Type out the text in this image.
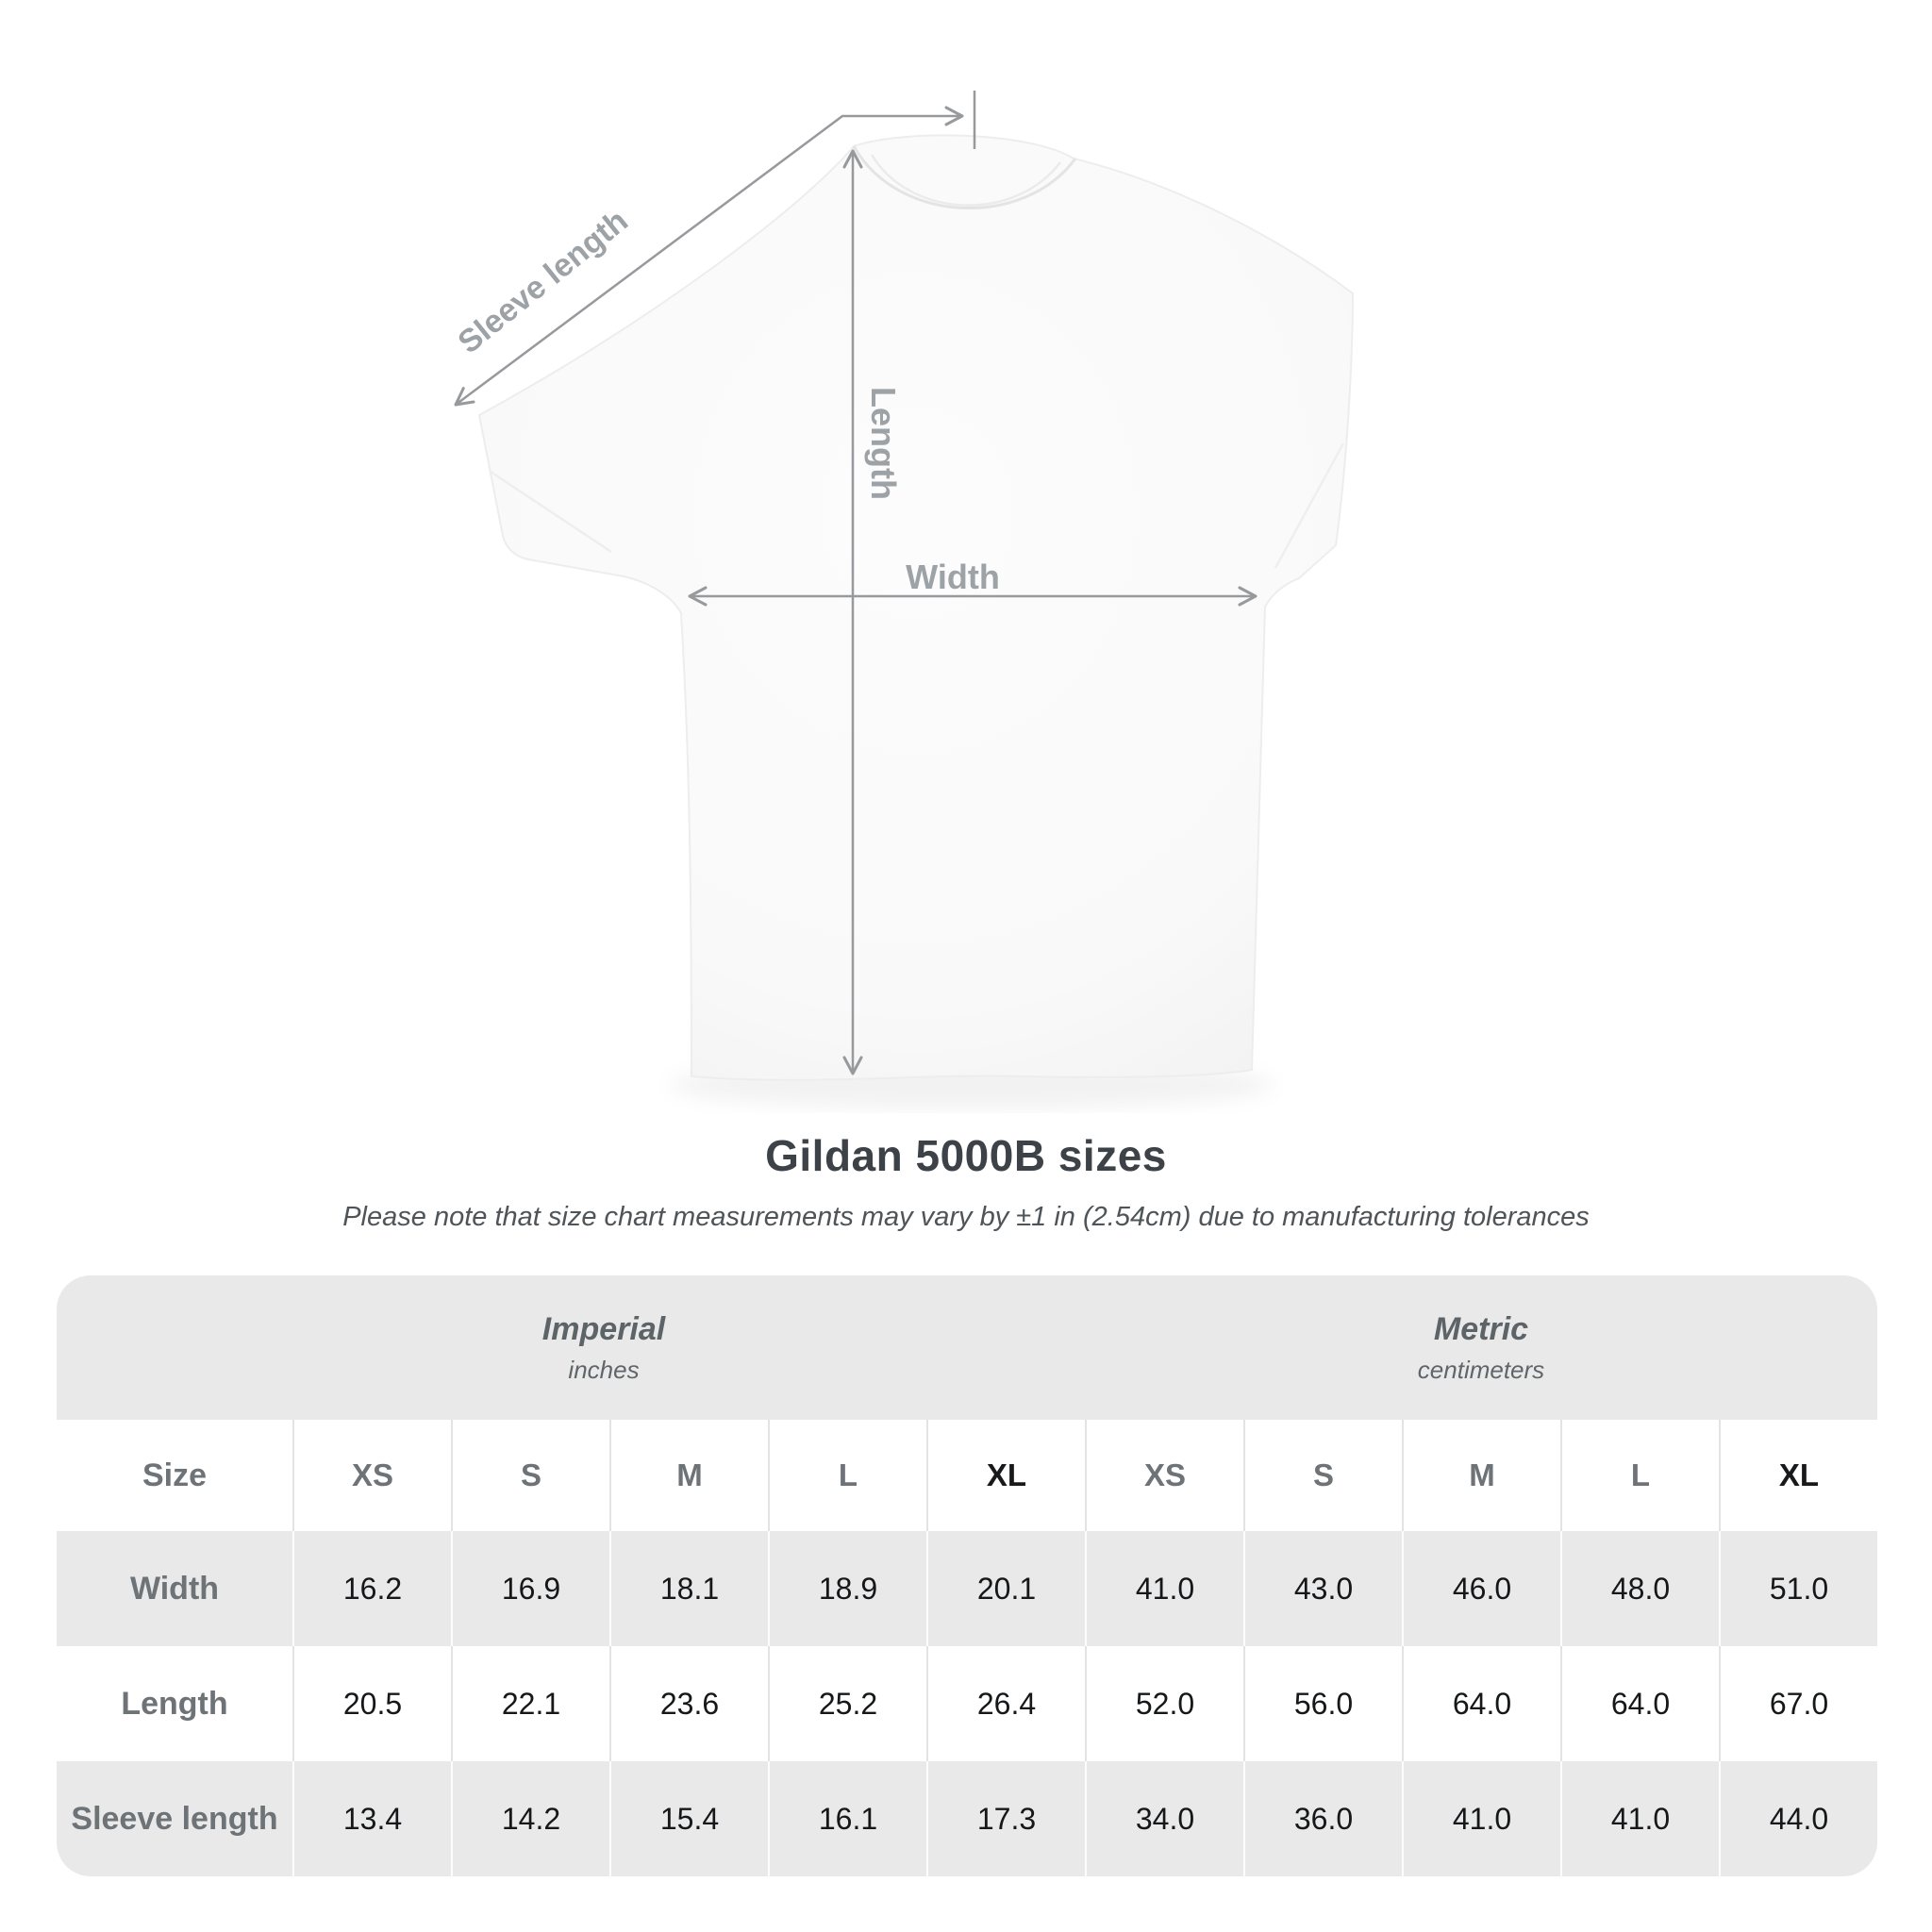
Sleeve length
Length
Width
Gildan 5000B sizes

Please note that size chart measurements may vary by ±1 in (2.54cm) due to manufacturing tolerances

Imperial
inches
Metric
centimeters
Size	XS	S	M	L	XL	XS	S	M	L	XL
Width	16.2	16.9	18.1	18.9	20.1	41.0	43.0	46.0	48.0	51.0
Length	20.5	22.1	23.6	25.2	26.4	52.0	56.0	64.0	64.0	67.0
Sleeve length	13.4	14.2	15.4	16.1	17.3	34.0	36.0	41.0	41.0	44.0
